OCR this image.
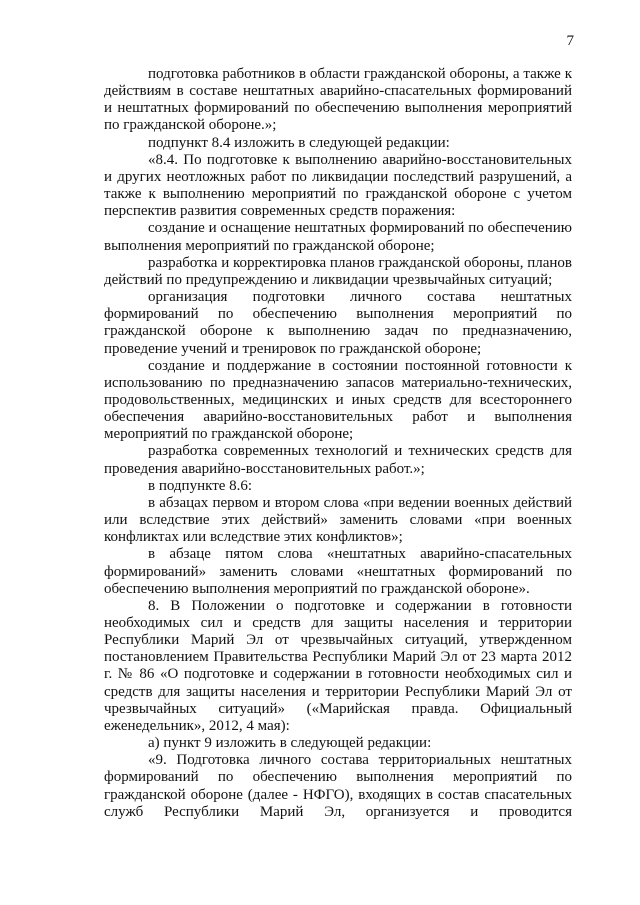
7

подготовка работников в области гражданской обороны, а также к действиям в составе нештатных аварийно-спасательных формирований и нештатных формирований по обеспечению выполнения мероприятий по гражданской обороне.»;

подпункт 8.4 изложить в следующей редакции:

«8.4. По подготовке к выполнению аварийно-восстановительных и других неотложных работ по ликвидации последствий разрушений, а также к выполнению мероприятий по гражданской обороне с учетом перспектив развития современных средств поражения:

создание и оснащение нештатных формирований по обеспечению выполнения мероприятий по гражданской обороне;

разработка и корректировка планов гражданской обороны, планов действий по предупреждению и ликвидации чрезвычайных ситуаций;

организация подготовки личного состава нештатных формирований по обеспечению выполнения мероприятий по гражданской обороне к выполнению задач по предназначению, проведение учений и тренировок по гражданской обороне;

создание и поддержание в состоянии постоянной готовности к использованию по предназначению запасов материально-технических, продовольственных, медицинских и иных средств для всестороннего обеспечения аварийно-восстановительных работ и выполнения мероприятий по гражданской обороне;

разработка современных технологий и технических средств для проведения аварийно-восстановительных работ.»;

в подпункте 8.6:

в абзацах первом и втором слова «при ведении военных действий или вследствие этих действий» заменить словами «при военных конфликтах или вследствие этих конфликтов»;

в абзаце пятом слова «нештатных аварийно-спасательных формирований» заменить словами «нештатных формирований по обеспечению выполнения мероприятий по гражданской обороне».

8. В Положении о подготовке и содержании в готовности необходимых сил и средств для защиты населения и территории Республики Марий Эл от чрезвычайных ситуаций, утвержденном постановлением Правительства Республики Марий Эл от 23 марта 2012 г. № 86 «О подготовке и содержании в готовности необходимых сил и средств для защиты населения и территории Республики Марий Эл от чрезвычайных ситуаций» («Марийская правда. Официальный еженедельник», 2012, 4 мая):

а) пункт 9 изложить в следующей редакции:

«9. Подготовка личного состава территориальных нештатных формирований по обеспечению выполнения мероприятий по гражданской обороне (далее - НФГО), входящих в состав спасательных служб Республики Марий Эл, организуется и проводится
